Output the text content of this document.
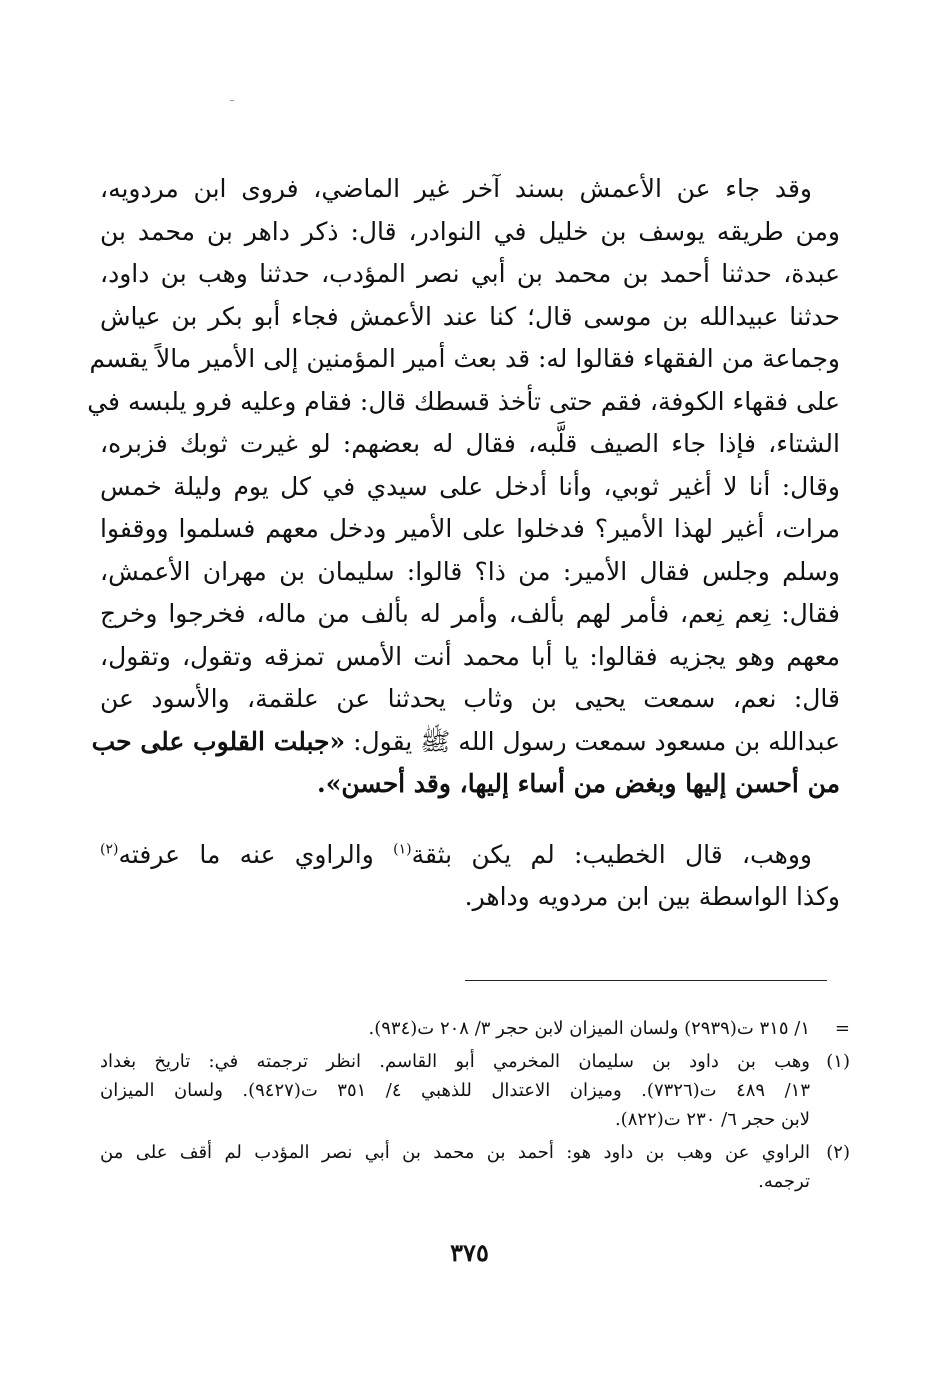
وقد جاء عن الأعمش بسند آخر غير الماضي، فروى ابن مردويه،
ومن طريقه يوسف بن خليل في النوادر، قال: ذكر داهر بن محمد بن
عبدة، حدثنا أحمد بن محمد بن أبي نصر المؤدب، حدثنا وهب بن داود،
حدثنا عبيدالله بن موسى قال؛ كنا عند الأعمش فجاء أبو بكر بن عياش
وجماعة من الفقهاء فقالوا له: قد بعث أمير المؤمنين إلى الأمير مالاً يقسم
على فقهاء الكوفة، فقم حتى تأخذ قسطك قال: فقام وعليه فرو يلبسه في
الشتاء، فإذا جاء الصيف قلَّبه، فقال له بعضهم: لو غيرت ثوبك فزبره،
وقال: أنا لا أغير ثوبي، وأنا أدخل على سيدي في كل يوم وليلة خمس
مرات، أغير لهذا الأمير؟ فدخلوا على الأمير ودخل معهم فسلموا ووقفوا
وسلم وجلس فقال الأمير: من ذا؟ قالوا: سليمان بن مهران الأعمش،
فقال: نِعم نِعم، فأمر لهم بألف، وأمر له بألف من ماله، فخرجوا وخرج
معهم وهو يجزيه فقالوا: يا أبا محمد أنت الأمس تمزقه وتقول، وتقول،
قال: نعم، سمعت يحيى بن وثاب يحدثنا عن علقمة، والأسود عن
عبدالله بن مسعود سمعت رسول الله ﷺ يقول: «جبلت القلوب على حب
من أحسن إليها وبغض من أساء إليها، وقد أحسن».
ووهب، قال الخطيب: لم يكن بثقة$^{(١)}$ والراوي عنه ما عرفته$^{(٢)}$
وكذا الواسطة بين ابن مردويه وداهر.
=
١/ ٣١٥ ت(٢٩٣٩) ولسان الميزان لابن حجر ٣/ ٢٠٨ ت(٩٣٤).
(١)
وهب بن داود بن سليمان المخرمي أبو القاسم. انظر ترجمته في: تاريخ بغداد
١٣/ ٤٨٩ ت(٧٣٢٦). وميزان الاعتدال للذهبي ٤/ ٣٥١ ت(٩٤٢٧). ولسان الميزان
لابن حجر ٦/ ٢٣٠ ت(٨٢٢).
(٢)
الراوي عن وهب بن داود هو: أحمد بن محمد بن أبي نصر المؤدب لم أقف على من
ترجمه.
٣٧٥
